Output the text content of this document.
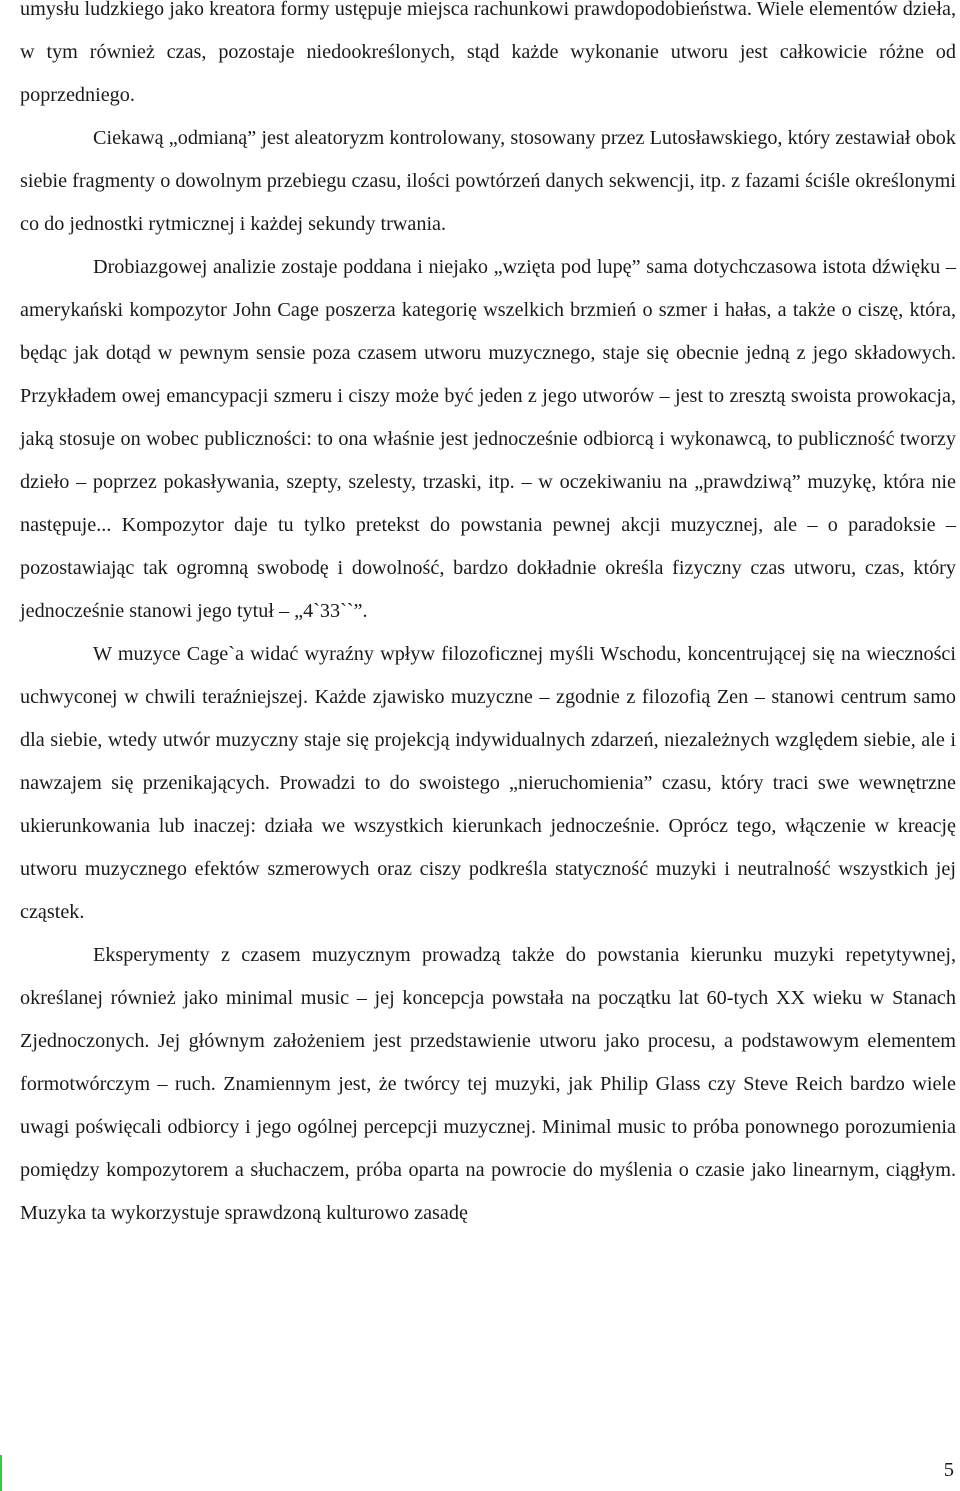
umysłu ludzkiego jako kreatora formy ustępuje miejsca rachunkowi prawdopodobieństwa. Wiele elementów dzieła, w tym również czas, pozostaje niedookreślonych, stąd każde wykonanie utworu jest całkowicie różne od poprzedniego.

Ciekawą „odmianą” jest aleatoryzm kontrolowany, stosowany przez Lutosławskiego, który zestawiał obok siebie fragmenty o dowolnym przebiegu czasu, ilości powtórzeń danych sekwencji, itp. z fazami ściśle określonymi co do jednostki rytmicznej i każdej sekundy trwania.

Drobiazgowej analizie zostaje poddana i niejako „wzięta pod lupę” sama dotychczasowa istota dźwięku – amerykański kompozytor John Cage poszerza kategorię wszelkich brzmień o szmer i hałas, a także o ciszę, która, będąc jak dotąd w pewnym sensie poza czasem utworu muzycznego, staje się obecnie jedną z jego składowych. Przykładem owej emancypacji szmeru i ciszy może być jeden z jego utworów – jest to zresztą swoista prowokacja, jaką stosuje on wobec publiczności: to ona właśnie jest jednocześnie odbiorcą i wykonawcą, to publiczność tworzy dzieło – poprzez pokasływania, szepty, szelesty, trzaski, itp. – w oczekiwaniu na „prawdziwą” muzykę, która nie następuje... Kompozytor daje tu tylko pretekst do powstania pewnej akcji muzycznej, ale – o paradoksie – pozostawiając tak ogromną swobodę i dowolność, bardzo dokładnie określa fizyczny czas utworu, czas, który jednocześnie stanowi jego tytuł – „4`33``”.

W muzyce Cage`a widać wyraźny wpływ filozoficznej myśli Wschodu, koncentrującej się na wieczności uchwyconej w chwili teraźniejszej. Każde zjawisko muzyczne – zgodnie z filozofią Zen – stanowi centrum samo dla siebie, wtedy utwór muzyczny staje się projekcją indywidualnych zdarzeń, niezależnych względem siebie, ale i nawzajem się przenikających. Prowadzi to do swoistego „nieruchomienia” czasu, który traci swe wewnętrzne ukierunkowania lub inaczej: działa we wszystkich kierunkach jednocześnie. Oprócz tego, włączenie w kreację utworu muzycznego efektów szmerowych oraz ciszy podkreśla statyczność muzyki i neutralność wszystkich jej cząstek.

Eksperymenty z czasem muzycznym prowadzą także do powstania kierunku muzyki repetytywnej, określanej również jako minimal music – jej koncepcja powstała na początku lat 60-tych XX wieku w Stanach Zjednoczonych. Jej głównym założeniem jest przedstawienie utworu jako procesu, a podstawowym elementem formotwórczym – ruch. Znamiennym jest, że twórcy tej muzyki, jak Philip Glass czy Steve Reich bardzo wiele uwagi poświęcali odbiorcy i jego ogólnej percepcji muzycznej. Minimal music to próba ponownego porozumienia pomiędzy kompozytorem a słuchaczem, próba oparta na powrocie do myślenia o czasie jako linearnym, ciągłym. Muzyka ta wykorzystuje sprawdzoną kulturowo zasadę

5
